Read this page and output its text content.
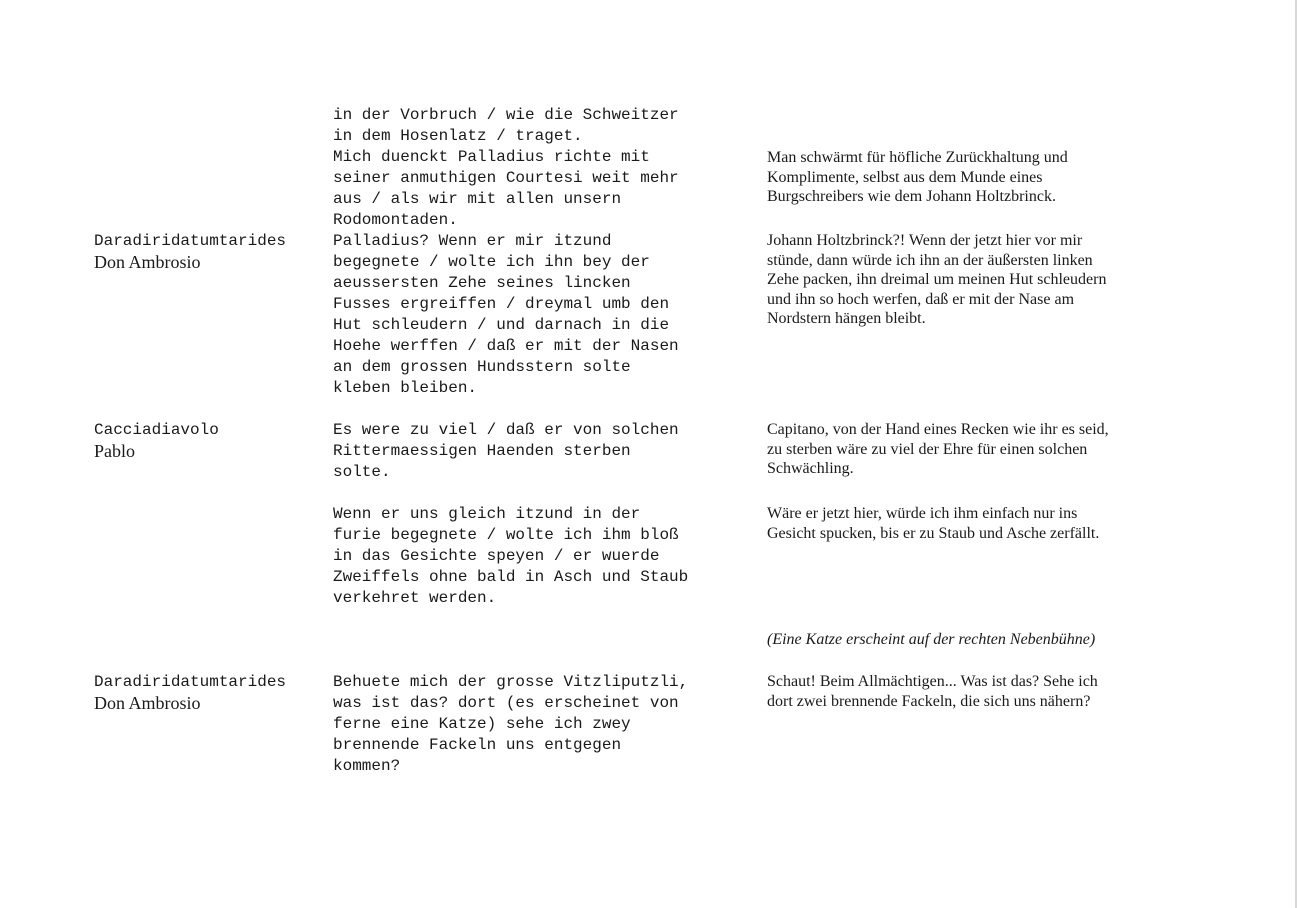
in der Vorbruch / wie die Schweitzer
in dem Hosenlatz / traget.
Mich duenckt Palladius richte mit
seiner anmuthigen Courtesi weit mehr
aus / als wir mit allen unsern
Rodomontaden.
Man schwärmt für höfliche Zurückhaltung und
Komplimente, selbst aus dem Munde eines
Burgschreibers wie dem Johann Holtzbrinck.
Daradiridatumtarides
Don Ambrosio
Palladius? Wenn er mir itzund
begegnete / wolte ich ihn bey der
aeussersten Zehe seines lincken
Fusses ergreiffen / dreymal umb den
Hut schleudern / und darnach in die
Hoehe werffen / daß er mit der Nasen
an dem grossen Hundsstern solte
kleben bleiben.
Johann Holtzbrinck?! Wenn der jetzt hier vor mir
stünde, dann würde ich ihn an der äußersten linken
Zehe packen, ihn dreimal um meinen Hut schleudern
und ihn so hoch werfen, daß er mit der Nase am
Nordstern hängen bleibt.
Cacciadiavolo
Pablo
Es were zu viel / daß er von solchen
Rittermaessigen Haenden sterben
solte.
Capitano, von der Hand eines Recken wie ihr es seid,
zu sterben wäre zu viel der Ehre für einen solchen
Schwächling.
Wenn er uns gleich itzund in der
furie begegnete / wolte ich ihm bloß
in das Gesichte speyen / er wuerde
Zweiffels ohne bald in Asch und Staub
verkehret werden.
Wäre er jetzt hier, würde ich ihm einfach nur ins
Gesicht spucken, bis er zu Staub und Asche zerfällt.
(Eine Katze erscheint auf der rechten Nebenbühne)
Daradiridatumtarides
Don Ambrosio
Behuete mich der grosse Vitzliputzli,
was ist das? dort (es erscheinet von
ferne eine Katze) sehe ich zwey
brennende Fackeln uns entgegen
kommen?
Schaut! Beim Allmächtigen... Was ist das? Sehe ich
dort zwei brennende Fackeln, die sich uns nähern?
